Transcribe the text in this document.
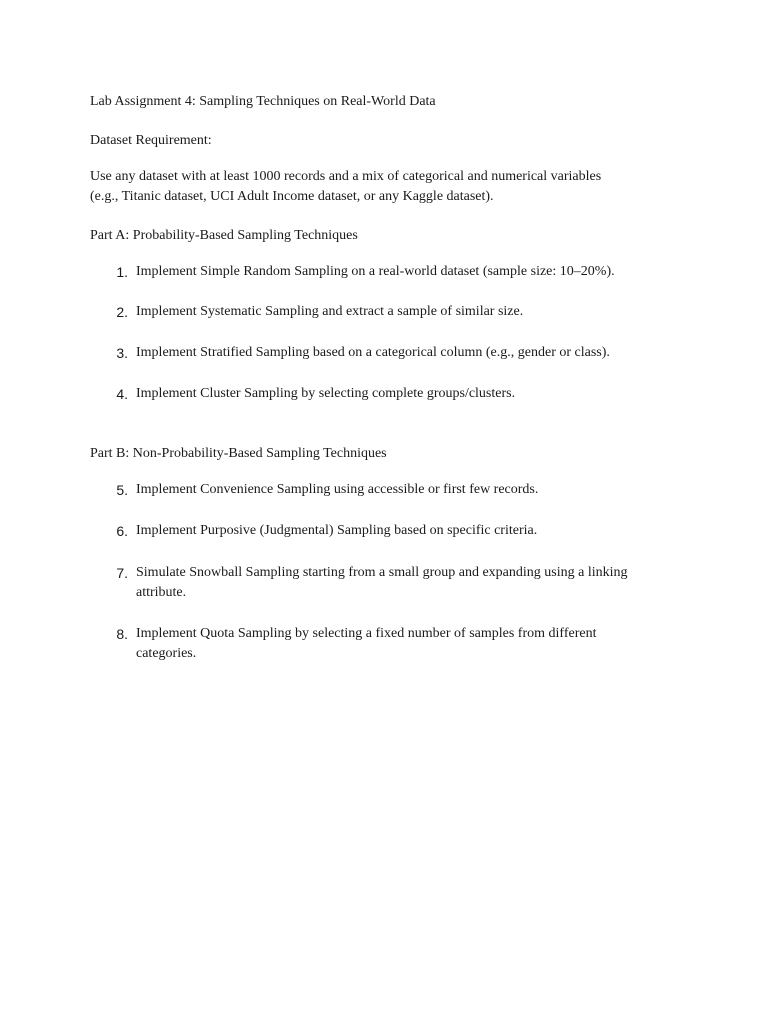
Lab Assignment 4: Sampling Techniques on Real-World Data
Dataset Requirement:
Use any dataset with at least 1000 records and a mix of categorical and numerical variables
(e.g., Titanic dataset, UCI Adult Income dataset, or any Kaggle dataset).
Part A: Probability-Based Sampling Techniques
1. Implement Simple Random Sampling on a real-world dataset (sample size: 10–20%).
2. Implement Systematic Sampling and extract a sample of similar size.
3. Implement Stratified Sampling based on a categorical column (e.g., gender or class).
4. Implement Cluster Sampling by selecting complete groups/clusters.
Part B: Non-Probability-Based Sampling Techniques
5. Implement Convenience Sampling using accessible or first few records.
6. Implement Purposive (Judgmental) Sampling based on specific criteria.
7. Simulate Snowball Sampling starting from a small group and expanding using a linking attribute.
8. Implement Quota Sampling by selecting a fixed number of samples from different categories.
